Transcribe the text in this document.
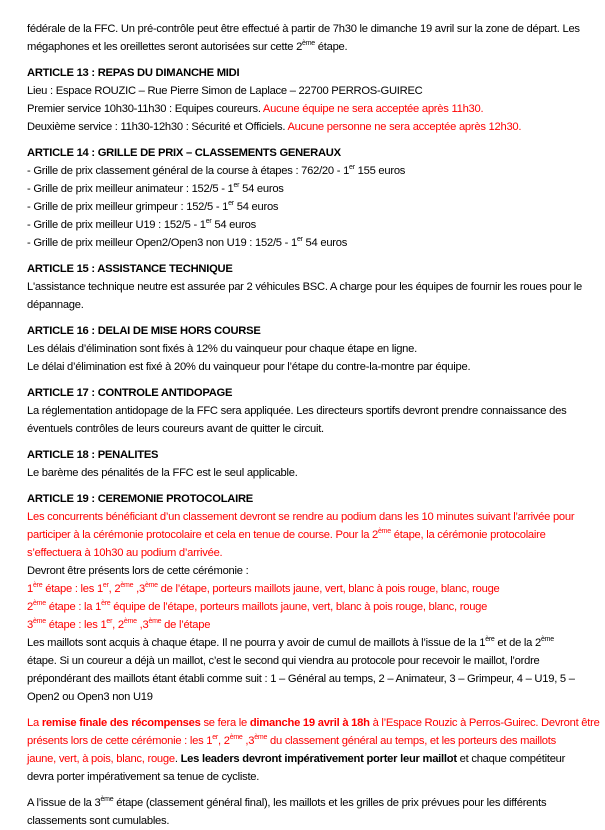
fédérale de la FFC. Un pré-contrôle peut être effectué à partir de 7h30 le dimanche 19 avril sur la zone de départ. Les
mégaphones et les oreillettes seront autorisées sur cette 2ème étape.
ARTICLE 13 : REPAS DU DIMANCHE MIDI
Lieu : Espace ROUZIC – Rue Pierre Simon de Laplace – 22700 PERROS-GUIREC
Premier service 10h30-11h30 : Equipes coureurs. Aucune équipe ne sera acceptée après 11h30.
Deuxième service : 11h30-12h30 : Sécurité et Officiels. Aucune personne ne sera acceptée après 12h30.
ARTICLE 14 : GRILLE DE PRIX – CLASSEMENTS GENERAUX
- Grille de prix classement général de la course à étapes : 762/20 - 1er 155 euros
- Grille de prix meilleur animateur : 152/5 - 1er 54 euros
- Grille de prix meilleur grimpeur : 152/5 - 1er 54 euros
- Grille de prix meilleur U19 : 152/5 - 1er 54 euros
- Grille de prix meilleur Open2/Open3 non U19 : 152/5 - 1er 54 euros
ARTICLE 15 : ASSISTANCE TECHNIQUE
L'assistance technique neutre est assurée par 2 véhicules BSC. A charge pour les équipes de fournir les roues pour le
dépannage.
ARTICLE 16 : DELAI DE MISE HORS COURSE
Les délais d’élimination sont fixés à 12% du vainqueur pour chaque étape en ligne.
Le délai d’élimination est fixé à 20% du vainqueur pour l’étape du contre-la-montre par équipe.
ARTICLE 17 : CONTROLE ANTIDOPAGE
La réglementation antidopage de la FFC sera appliquée. Les directeurs sportifs devront prendre connaissance des
éventuels contrôles de leurs coureurs avant de quitter le circuit.
ARTICLE 18 : PENALITES
Le barème des pénalités de la FFC est le seul applicable.
ARTICLE 19 : CEREMONIE PROTOCOLAIRE
Les concurrents bénéficiant d’un classement devront se rendre au podium dans les 10 minutes suivant l’arrivée pour
participer à la cérémonie protocolaire et cela en tenue de course. Pour la 2ème étape, la cérémonie protocolaire
s’effectuera à 10h30 au podium d’arrivée.
Devront être présents lors de cette cérémonie :
1ère étape : les 1er, 2ème ,3ème de l’étape, porteurs maillots jaune, vert, blanc à pois rouge, blanc, rouge
2ème étape : la 1ère équipe de l’étape, porteurs maillots jaune, vert, blanc à pois rouge, blanc, rouge
3ème étape : les 1er, 2ème ,3ème de l’étape
Les maillots sont acquis à chaque étape. Il ne pourra y avoir de cumul de maillots à l’issue de la 1ère et de la 2ème
étape. Si un coureur a déjà un maillot, c’est le second qui viendra au protocole pour recevoir le maillot, l’ordre
prépondérant des maillots étant établi comme suit : 1 – Général au temps, 2 – Animateur, 3 – Grimpeur, 4 – U19, 5 –
Open2 ou Open3 non U19
La remise finale des récompenses se fera le dimanche 19 avril à 18h à l’Espace Rouzic à Perros-Guirec. Devront être
présents lors de cette cérémonie : les 1er, 2ème ,3ème du classement général au temps, et les porteurs des maillots
jaune, vert, à pois, blanc, rouge. Les leaders devront impérativement porter leur maillot et chaque compétiteur
devra porter impérativement sa tenue de cycliste.
A l’issue de la 3ème étape (classement général final), les maillots et les grilles de prix prévues pour les différents
classements sont cumulables.
